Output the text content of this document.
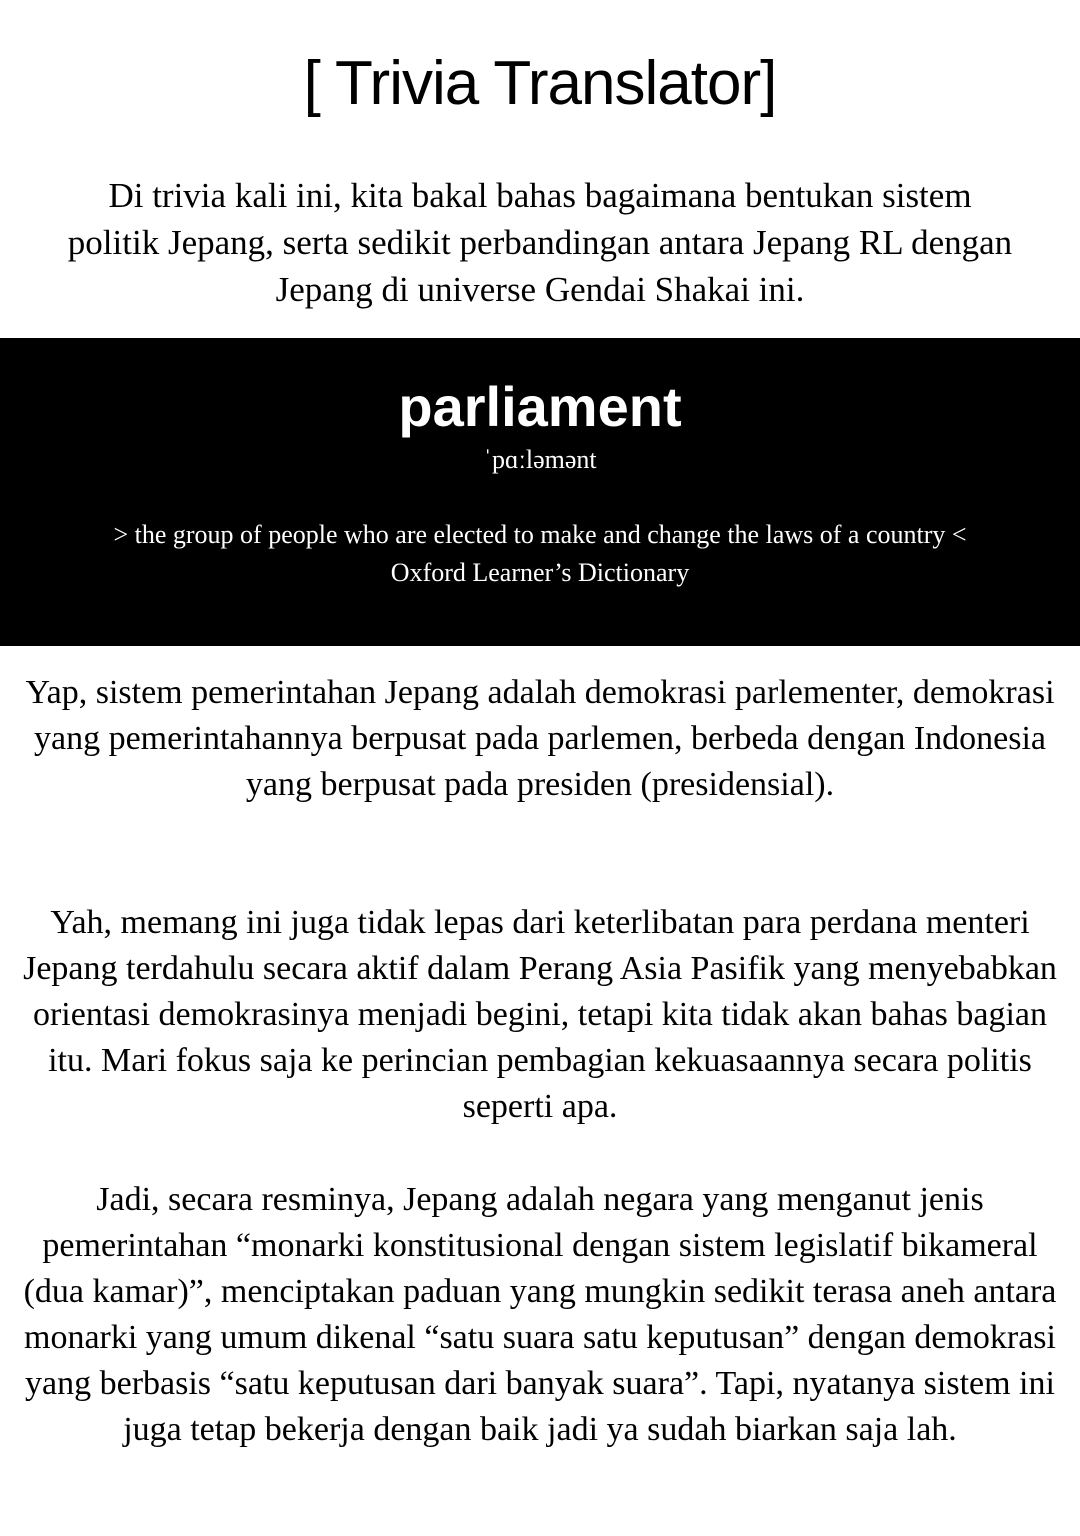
[ Trivia Translator]

Di trivia kali ini, kita bakal bahas bagaimana bentukan sistem politik Jepang, serta sedikit perbandingan antara Jepang RL dengan Jepang di universe Gendai Shakai ini.

parliament
ˈpɑːləmənt
> the group of people who are elected to make and change the laws of a country <
Oxford Learner’s Dictionary

Yap, sistem pemerintahan Jepang adalah demokrasi parlementer, demokrasi yang pemerintahannya berpusat pada parlemen, berbeda dengan Indonesia yang berpusat pada presiden (presidensial).

Yah, memang ini juga tidak lepas dari keterlibatan para perdana menteri Jepang terdahulu secara aktif dalam Perang Asia Pasifik yang menyebabkan orientasi demokrasinya menjadi begini, tetapi kita tidak akan bahas bagian itu. Mari fokus saja ke perincian pembagian kekuasaannya secara politis seperti apa.

Jadi, secara resminya, Jepang adalah negara yang menganut jenis pemerintahan “monarki konstitusional dengan sistem legislatif bikameral (dua kamar)”, menciptakan paduan yang mungkin sedikit terasa aneh antara monarki yang umum dikenal “satu suara satu keputusan” dengan demokrasi yang berbasis “satu keputusan dari banyak suara”. Tapi, nyatanya sistem ini juga tetap bekerja dengan baik jadi ya sudah biarkan saja lah.
